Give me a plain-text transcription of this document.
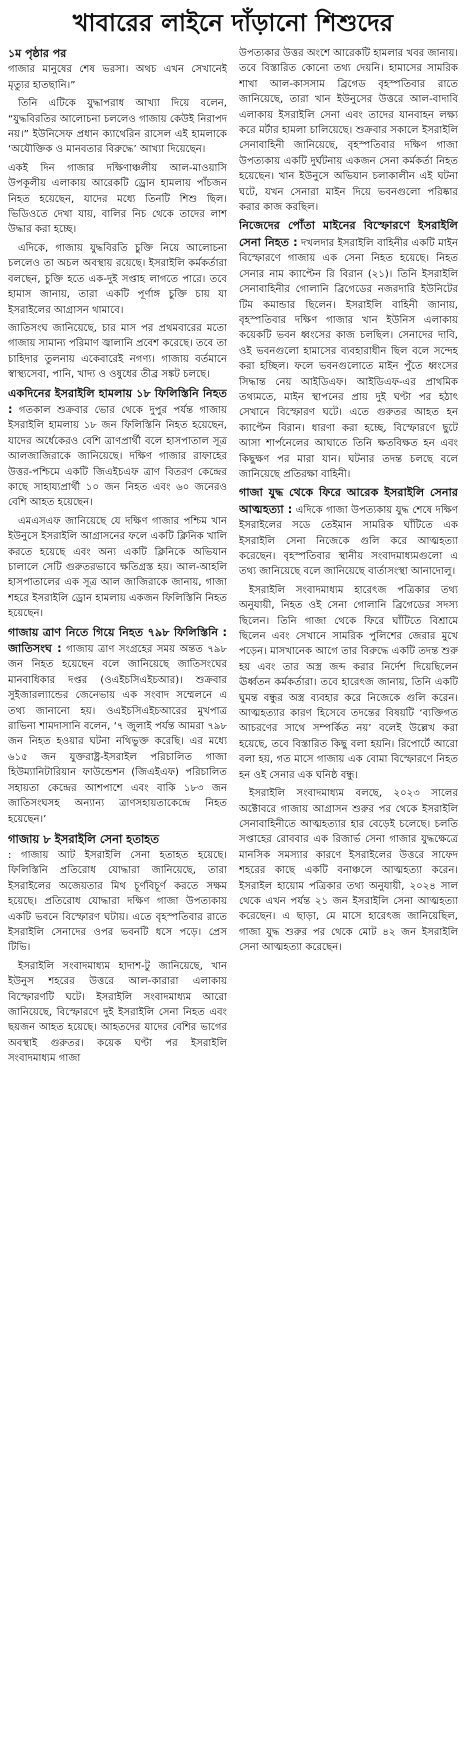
খাবারের লাইনে দাঁড়ানো শিশুদের
১ম পৃষ্ঠার পর

গাজার মানুষের শেষ ভরসা। অথচ এখন সেখানেই মৃত্যুর হাতছানি।”

তিনি এটিকে যুদ্ধাপরাধ আখ্যা দিয়ে বলেন, “যুদ্ধবিরতির আলোচনা চললেও গাজায় কেউই নিরাপদ নয়।” ইউনিসেফ প্রধান ক্যাথেরিন রাসেল এই হামলাকে ‘অযৌক্তিক ও মানবতার বিরুদ্ধে’ আখ্যা দিয়েছেন।

একই দিন গাজার দক্ষিণাঞ্চলীয় আল-মাওয়াসি উপকূলীয় এলাকায় আরেকটি ড্রোন হামলায় পাঁচজন নিহত হয়েছেন, যাদের মধ্যে তিনটি শিশু ছিল। ভিডিওতে দেখা যায়, বালির নিচ থেকে তাদের লাশ উদ্ধার করা হচ্ছে।

এদিকে, গাজায় যুদ্ধবিরতি চুক্তি নিয়ে আলোচনা চললেও তা অচল অবস্থায় রয়েছে। ইসরাইলি কর্মকর্তারা বলছেন, চুক্তি হতে এক-দুই সপ্তাহ লাগতে পারে। তবে হামাস জানায়, তারা একটি পূর্ণাঙ্গ চুক্তি চায় যা ইসরাইলের আগ্রাসন থামাবে।

জাতিসংঘ জানিয়েছে, চার মাস পর প্রথমবারের মতো গাজায় সামান্য পরিমাণ জ্বালানি প্রবেশ করেছে। তবে তা চাহিদার তুলনায় একেবারেই নগণ্য। গাজায় বর্তমানে স্বাস্থ্যসেবা, পানি, খাদ্য ও ওষুধের তীব্র সঙ্কট চলছে।

একদিনের ইসরাইলি হামলায় ১৮ ফিলিস্তিনি নিহত : গতকাল শুক্রবার ভোর থেকে দুপুর পর্যন্ত গাজায় ইসরাইলি হামলায় ১৮ জন ফিলিস্তিনি নিহত হয়েছেন, যাদের অর্ধেকেরও বেশি ত্রাণপ্রার্থী বলে হাসপাতাল সূত্র আলজাজিরাকে জানিয়েছে। দক্ষিণ গাজার রাফাহের উত্তর-পশ্চিমে একটি জিএইচএফ ত্রাণ বিতরণ কেন্দ্রের কাছে সাহায্যপ্রার্থী ১০ জন নিহত এবং ৬০ জনেরও বেশি আহত হয়েছেন।

এমএসএফ জানিয়েছে যে দক্ষিণ গাজার পশ্চিম খান ইউনুসে ইসরাইলি আগ্রাসনের ফলে একটি ক্লিনিক খালি করতে হয়েছে এবং অন্য একটি ক্লিনিকে অভিযান চালালে সেটি গুরুতরভাবে ক্ষতিগ্রস্ত হয়। আল-আহলি হাসপাতালের এক সূত্র আল জাজিরাকে জানায়, গাজা শহরে ইসরাইলি ড্রোন হামলায় একজন ফিলিস্তিনি নিহত হয়েছেন।

গাজায় ত্রাণ নিতে গিয়ে নিহত ৭৯৮ ফিলিস্তিনি : জাতিসংঘ : গাজায় ত্রাণ সংগ্রহের সময় অন্তত ৭৯৮ জন নিহত হয়েছেন বলে জানিয়েছে জাতিসংঘের মানবাধিকার দপ্তর (ওএইচসিএইচআর)। শুক্রবার সুইজারল্যান্ডের জেনেভায় এক সংবাদ সম্মেলনে এ তথ্য জানানো হয়। ওএইচসিএইচআরের মুখপাত্র রাভিনা শামদাসানি বলেন, ‘৭ জুলাই পর্যন্ত আমরা ৭৯৮ জন নিহত হওয়ার ঘটনা নথিভুক্ত করেছি। এর মধ্যে ৬১৫ জন যুক্তরাষ্ট্র-ইসরাইল পরিচালিত গাজা হিউম্যানিটারিয়ান ফাউন্ডেশন (জিএইএফ) পরিচালিত সহায়তা কেন্দ্রের আশপাশে এবং বাকি ১৮৩ জন জাতিসংঘসহ অন্যান্য ত্রাণসহায়তাকেন্দ্রে নিহত হয়েছেন।’

গাজায় ৮ ইসরাইলি সেনা হতাহত

: গাজায় আট ইসরাইলি সেনা হতাহত হয়েছে। ফিলিস্তিনি প্রতিরোধ যোদ্ধারা জানিয়েছে, তারা ইসরাইলের অজেয়তার মিথ চূর্ণবিচূর্ণ করতে সক্ষম হয়েছে। প্রতিরোধ যোদ্ধারা দক্ষিণ গাজা উপত্যকায় একটি ভবনে বিস্ফোরণ ঘটায়। এতে বৃহস্পতিবার রাতে ইসরাইলি সেনাদের ওপর ভবনটি ধসে পড়ে। প্রেস টিভি।

ইসরাইলি সংবাদমাধ্যম হাদাশ-টু জানিয়েছে, খান ইউনুস শহরের উত্তরে আল-কারারা এলাকায় বিস্ফোরণটি ঘটে। ইসরাইলি সংবাদমাধ্যম আরো জানিয়েছে, বিস্ফোরণে দুই ইসরাইলি সেনা নিহত এবং ছয়জন আহত হয়েছে। আহতদের যাদের বেশির ভাগের অবস্থাই গুরুতর। কয়েক ঘণ্টা পর ইসরাইলি সংবাদমাধ্যম গাজা

উপত্যকার উত্তর অংশে আরেকটি হামলার খবর জানায়। তবে বিস্তারিত কোনো তথ্য দেয়নি। হামাসের সামরিক শাখা আল-কাসসাম ব্রিগেড বৃহস্পতিবার রাতে জানিয়েছে, তারা খান ইউনুসের উত্তরে আল-বাদাবি এলাকায় ইসরাইলি সেনা এবং তাদের যানবাহন লক্ষ্য করে মর্টার হামলা চালিয়েছে। শুক্রবার সকালে ইসরাইলি সেনাবাহিনী জানিয়েছে, বৃহস্পতিবার দক্ষিণ গাজা উপত্যকায় একটি দুর্ঘটনায় একজন সেনা কর্মকর্তা নিহত হয়েছেন। খান ইউনুসে অভিযান চলাকালীন এই ঘটনা ঘটে, যখন সেনারা মাইন দিয়ে ভবনগুলো পরিষ্কার করার কাজ করছিল।

নিজেদের পোঁতা মাইনের বিস্ফোরণে ইসরাইলি সেনা নিহত : দখলদার ইসরাইলি বাহিনীর একটি মাইন বিস্ফোরণে গাজায় এক সেনা নিহত হয়েছে। নিহত সেনার নাম ক্যাপ্টেন রি বিরান (২১)। তিনি ইসরাইলি সেনাবাহিনীর গোলানি ব্রিগেডের নজরদারি ইউনিটের টিম কমান্ডার ছিলেন। ইসরাইলি বাহিনী জানায়, বৃহস্পতিবার দক্ষিণ গাজার খান ইউনিস এলাকায় কয়েকটি ভবন ধ্বংসের কাজ চলছিল। সেনাদের দাবি, ওই ভবনগুলো হামাসের ব্যবহারাধীন ছিল বলে সন্দেহ করা হচ্ছিল। ফলে ভবনগুলোতে মাইন পুঁতে ধ্বংসের সিদ্ধান্ত নেয় আইডিএফ। আইডিএফ-এর প্রাথমিক তথ্যমতে, মাইন স্থাপনের প্রায় দুই ঘণ্টা পর হঠাৎ সেখানে বিস্ফোরণ ঘটে। এতে গুরুতর আহত হন ক্যাপ্টেন বিরান। ধারণা করা হচ্ছে, বিস্ফোরণে ছুটে আসা শার্পনেলের আঘাতে তিনি ক্ষতবিক্ষত হন এবং কিছুক্ষণ পর মারা যান। ঘটনার তদন্ত চলছে বলে জানিয়েছে প্রতিরক্ষা বাহিনী।

গাজা যুদ্ধ থেকে ফিরে আরেক ইসরাইলি সেনার আত্মহত্যা : এদিকে গাজা উপত্যকায় যুদ্ধ শেষে দক্ষিণ ইসরাইলের সডে তেইমান সামরিক ঘাঁটিতে এক ইসরাইলি সেনা নিজেকে গুলি করে আত্মহত্যা করেছেন। বৃহস্পতিবার স্থানীয় সংবাদমাধ্যমগুলো এ তথ্য জানিয়েছে বলে জানিয়েছে বার্তাসংস্থা আনাদোলু।

ইসরাইলি সংবাদমাধ্যম হারেৎজ পত্রিকার তথ্য অনুযায়ী, নিহত ওই সেনা গোলানি ব্রিগেডের সদস্য ছিলেন। তিনি গাজা থেকে ফিরে ঘাঁটিতে বিশ্রামে ছিলেন এবং সেখানে সামরিক পুলিশের জেরার মুখে পড়েন। মাসখানেক আগে তার বিরুদ্ধে একটি তদন্ত শুরু হয় এবং তার অস্ত্র জব্দ করার নির্দেশ দিয়েছিলেন ঊর্ধ্বতন কর্মকর্তারা। তবে হারেৎজ জানায়, তিনি একটি ঘুমন্ত বন্ধুর অস্ত্র ব্যবহার করে নিজেকে গুলি করেন। আত্মহত্যার কারণ হিসেবে তদন্তের বিষয়টি ‘ব্যক্তিগত আচরণের সাথে সম্পর্কিত নয়’ বলেই উল্লেখ করা হয়েছে, তবে বিস্তারিত কিছু বলা হয়নি। রিপোর্টে আরো বলা হয়, গত মাসে গাজায় এক বোমা বিস্ফোরণে নিহত হন ওই সেনার এক ঘনিষ্ঠ বন্ধু।

ইসরাইলি সংবাদমাধ্যম বলছে, ২০২৩ সালের অক্টোবরে গাজায় আগ্রাসন শুরুর পর থেকে ইসরাইলি সেনাবাহিনীতে আত্মহত্যার হার বেড়েই চলেছে। চলতি সপ্তাহের রোববার এক রিজার্ভ সেনা গাজার যুদ্ধক্ষেত্রে মানসিক সমস্যার কারণে ইসরাইলের উত্তরে সাফেদ শহরের কাছে একটি বনাঞ্চলে আত্মহত্যা করেন। ইসরাইল হায়োম পত্রিকার তথ্য অনুযায়ী, ২০২৪ সাল থেকে এখন পর্যন্ত ২১ জন ইসরাইলি সেনা আত্মহত্যা করেছেন। এ ছাড়া, মে মাসে হারেৎজ জানিয়েছিল, গাজা যুদ্ধ শুরুর পর থেকে মোট ৪২ জন ইসরাইলি সেনা আত্মহত্যা করেছেন।
